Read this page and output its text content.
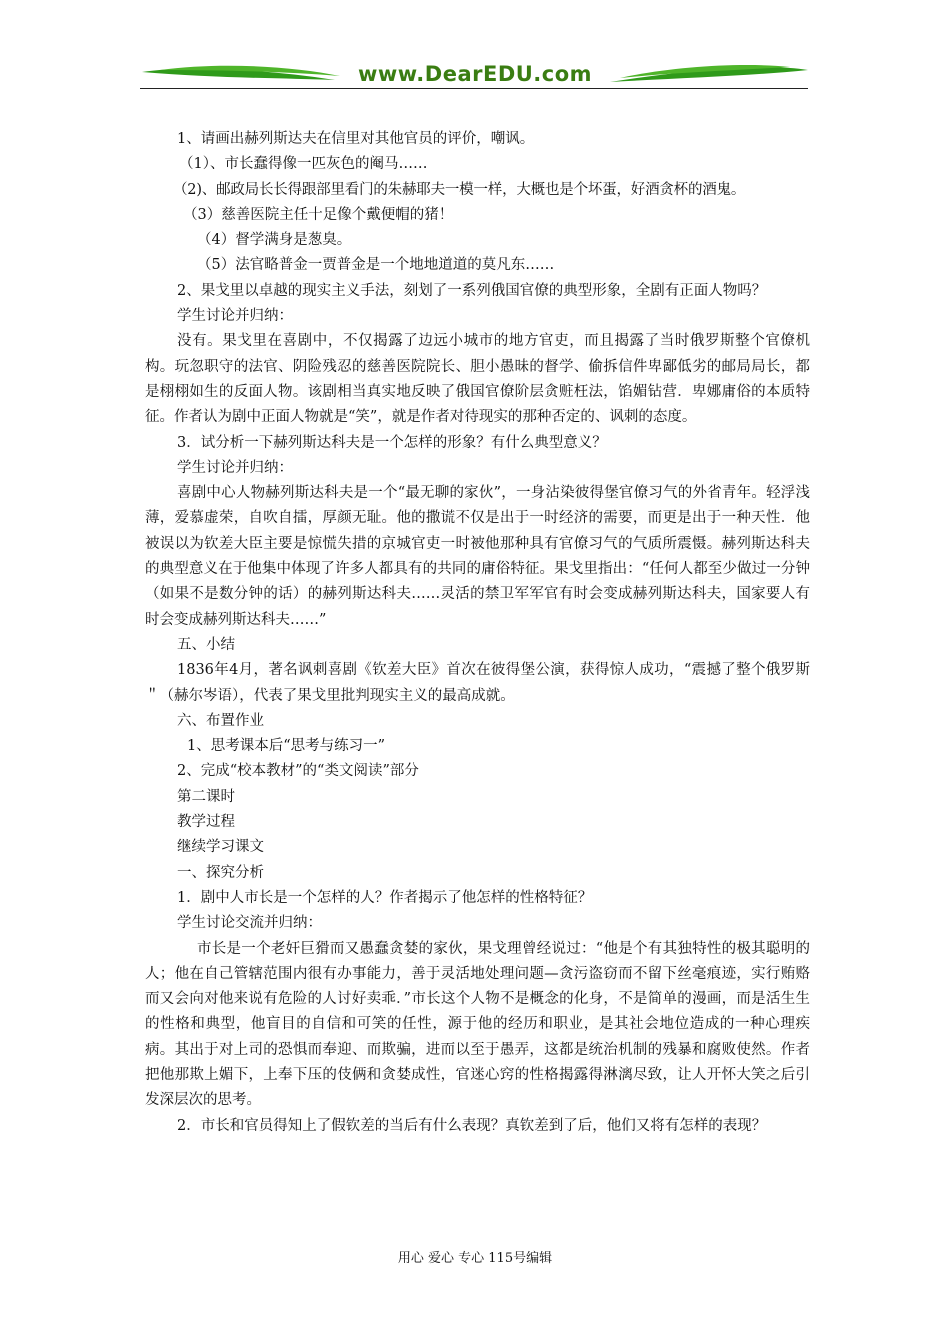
www.DearEDU.com

1、请画出赫列斯达夫在信里对其他官员的评价，嘲讽。

（1）、市长蠢得像一匹灰色的阉马……

（2)、邮政局长长得跟部里看门的朱赫耶夫一模一样，大概也是个坏蛋，好酒贪杯的酒鬼。

（3）慈善医院主任十足像个戴便帽的猪！

（4）督学满身是葱臭。

（5）法官略普金一贾普金是一个地地道道的莫凡东……

2、果戈里以卓越的现实主义手法，刻划了一系列俄国官僚的典型形象，全剧有正面人物吗？

学生讨论并归纳：

没有。果戈里在喜剧中，不仅揭露了边远小城市的地方官吏，而且揭露了当时俄罗斯整个官僚机构。玩忽职守的法官、阴险残忍的慈善医院院长、胆小愚昧的督学、偷拆信件卑鄙低劣的邮局局长，都是栩栩如生的反面人物。该剧相当真实地反映了俄国官僚阶层贪赃枉法，馅媚钻营．卑娜庸俗的本质特征。作者认为剧中正面人物就是“笑”，就是作者对待现实的那种否定的、讽刺的态度。

3．试分析一下赫列斯达科夫是一个怎样的形象？有什么典型意义？

学生讨论并归纳：

喜剧中心人物赫列斯达科夫是一个“最无聊的家伙”，一身沾染彼得堡官僚习气的外省青年。轻浮浅薄，爱慕虚荣，自吹自擂，厚颜无耻。他的撒谎不仅是出于一时经济的需要，而更是出于一种天性．他被误以为钦差大臣主要是惊慌失措的京城官吏一时被他那种具有官僚习气的气质所震慑。赫列斯达科夫的典型意义在于他集中体现了许多人都具有的共同的庸俗特征。果戈里指出：“任何人都至少做过一分钟（如果不是数分钟的话）的赫列斯达科夫……灵活的禁卫军军官有时会变成赫列斯达科夫，国家要人有时会变成赫列斯达科夫……”

五、小结

1836年4月，著名讽刺喜剧《钦差大臣》首次在彼得堡公演，获得惊人成功，“震撼了整个俄罗斯＂（赫尔岑语），代表了果戈里批判现实主义的最高成就。

六、布置作业

1、思考课本后“思考与练习一”

2、完成“校本教材”的“类文阅读”部分

第二课时

教学过程

继续学习课文

一、探究分析

1．剧中人市长是一个怎样的人？作者揭示了他怎样的性格特征？

学生讨论交流并归纳：

市长是一个老奸巨猾而又愚蠢贪婪的家伙，果戈理曾经说过：“他是个有其独特性的极其聪明的人；他在自己管辖范围内很有办事能力，善于灵活地处理问题—贪污盗窃而不留下丝毫痕迹，实行贿赂而又会向对他来说有危险的人讨好卖乖．”市长这个人物不是概念的化身，不是简单的漫画，而是活生生的性格和典型，他盲目的自信和可笑的任性，源于他的经历和职业，是其社会地位造成的一种心理疾病。其出于对上司的恐惧而奉迎、而欺骗，进而以至于愚弄，这都是统治机制的残暴和腐败使然。作者把他那欺上媚下，上奉下压的伎俩和贪婪成性，官迷心窍的性格揭露得淋漓尽致，让人开怀大笑之后引发深层次的思考。

2．市长和官员得知上了假钦差的当后有什么表现？真钦差到了后，他们又将有怎样的表现？

用心 爱心 专心 115号编辑
